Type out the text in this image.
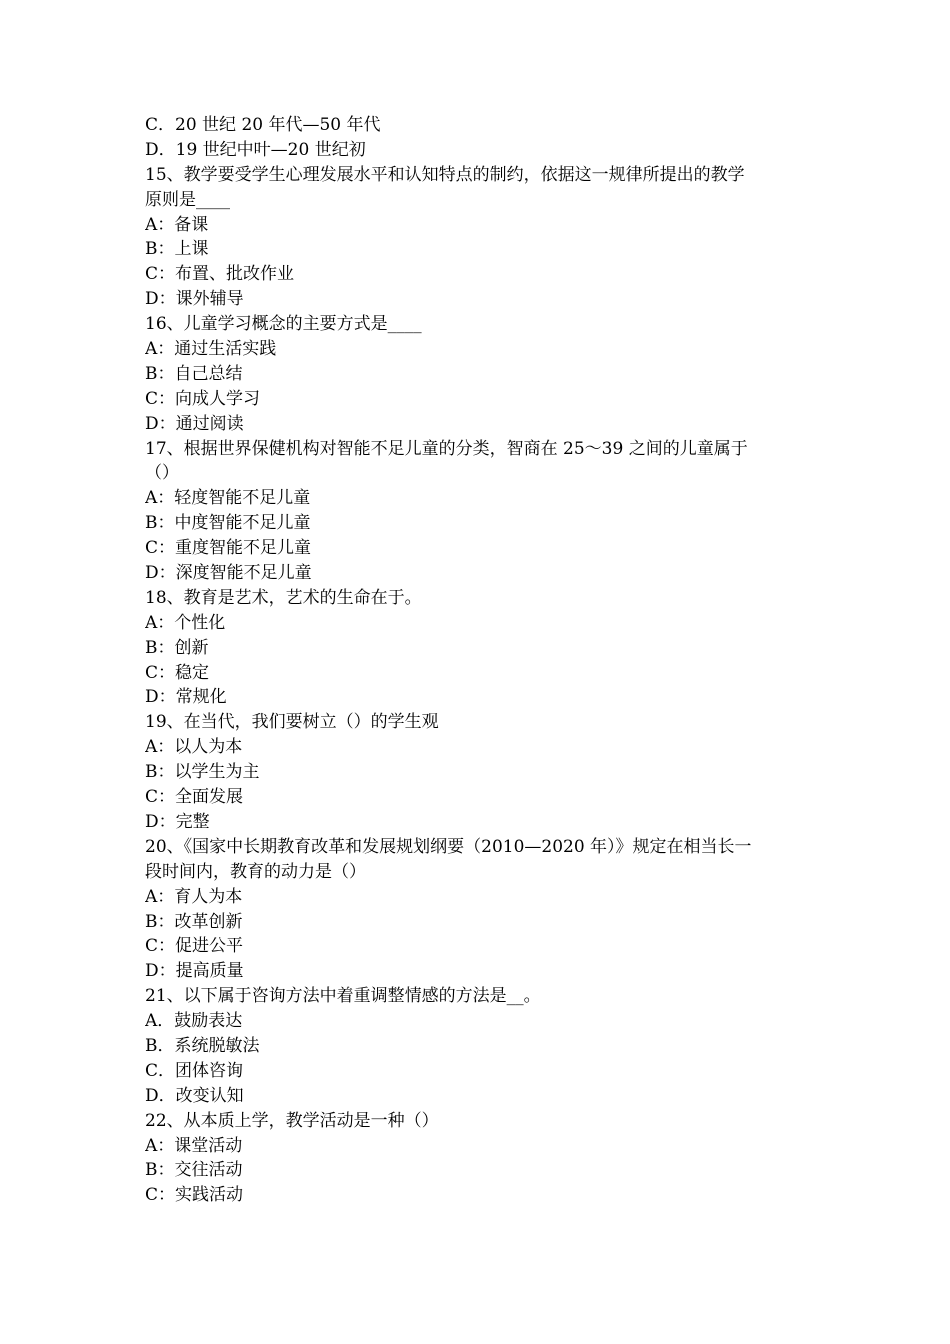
C．20 世纪 20 年代—50 年代
D．19 世纪中叶—20 世纪初
15、教学要受学生心理发展水平和认知特点的制约，依据这一规律所提出的教学
原则是____
A：备课
B：上课
C：布置、批改作业
D：课外辅导
16、儿童学习概念的主要方式是____
A：通过生活实践
B：自己总结
C：向成人学习
D：通过阅读
17、根据世界保健机构对智能不足儿童的分类，智商在 25～39 之间的儿童属于
（）
A：轻度智能不足儿童
B：中度智能不足儿童
C：重度智能不足儿童
D：深度智能不足儿童
18、教育是艺术，艺术的生命在于。
A：个性化
B：创新
C：稳定
D：常规化
19、在当代，我们要树立（）的学生观
A：以人为本
B：以学生为主
C：全面发展
D：完整
20、《国家中长期教育改革和发展规划纲要（2010—2020 年）》规定在相当长一
段时间内，教育的动力是（）
A：育人为本
B：改革创新
C：促进公平
D：提高质量
21、以下属于咨询方法中着重调整情感的方法是__。
A．鼓励表达
B．系统脱敏法
C．团体咨询
D．改变认知
22、从本质上学，教学活动是一种（）
A：课堂活动
B：交往活动
C：实践活动
